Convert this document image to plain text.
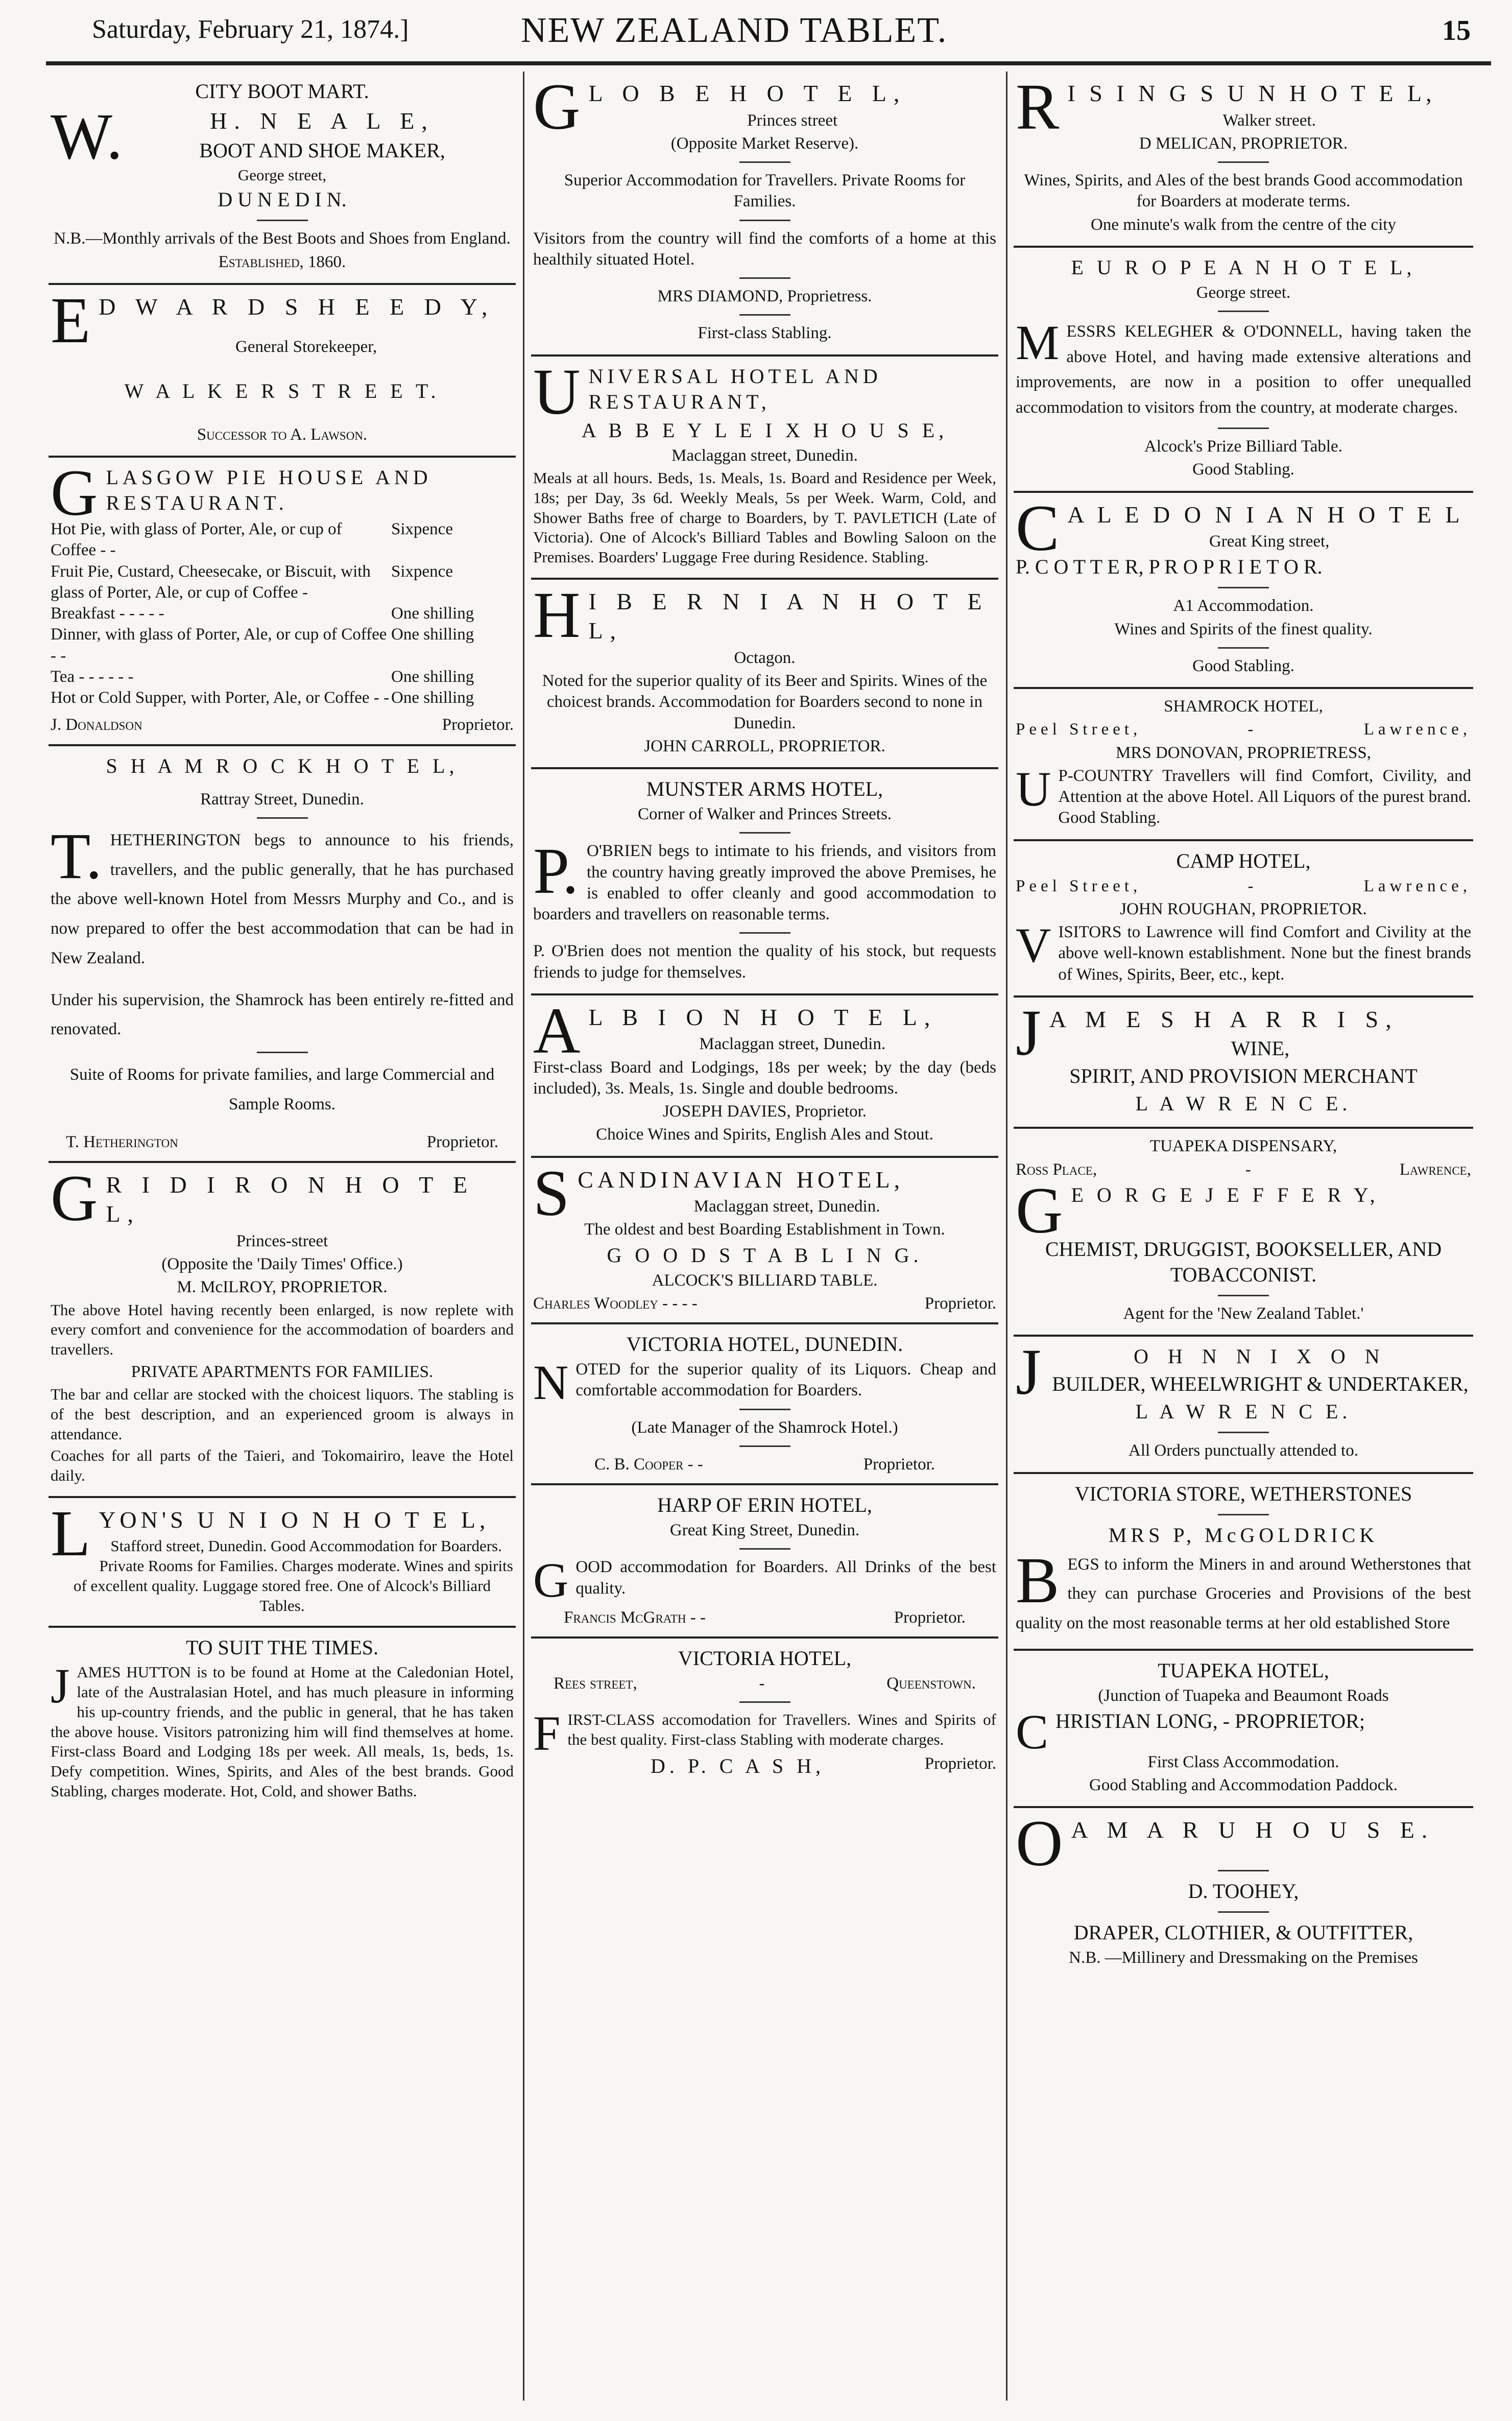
Saturday, February 21, 1874.]	NEW ZEALAND TABLET.	15

CITY BOOT MART.

W.	H. N E A L E,

BOOT AND SHOE MAKER,

George street,

D U N E D I N.

N.B.—Monthly arrivals of the Best Boots and Shoes from England.

Established, 1860.

E D W A R D S H E E D Y,

General Storekeeper,

W A L K E R S T R E E T.

Successor to A. Lawson.

G LASGOW PIE HOUSE AND RESTAURANT.

Hot Pie, with glass of Porter, Ale, or cup of Coffee - -	Sixpence
Fruit Pie, Custard, Cheesecake, or Biscuit, with glass of Porter, Ale, or cup of Coffee -	Sixpence
Breakfast - - - - -	One shilling
Dinner, with glass of Porter, Ale, or cup of Coffee - -	One shilling
Tea - - - - - -	One shilling
Hot or Cold Supper, with Porter, Ale, or Coffee - -	One shilling
J. Donaldson	Proprietor.

S H A M R O C K H O T E L,

Rattray Street, Dunedin.

T. HETHERINGTON begs to announce to his friends, travellers, and the public generally, that he has purchased the above well-known Hotel from Messrs Murphy and Co., and is now prepared to offer the best accommodation that can be had in New Zealand.

Under his supervision, the Shamrock has been entirely re-fitted and renovated.

Suite of Rooms for private families, and large Commercial and Sample Rooms.

T. Hetherington	Proprietor.
G R I D I R O N H O T E L,

Princes-street

(Opposite the 'Daily Times' Office.)

M. McILROY, PROPRIETOR.

The above Hotel having recently been enlarged, is now replete with every comfort and convenience for the accommodation of boarders and travellers.

PRIVATE APARTMENTS FOR FAMILIES.

The bar and cellar are stocked with the choicest liquors. The stabling is of the best description, and an experienced groom is always in attendance.

Coaches for all parts of the Taieri, and Tokomairiro, leave the Hotel daily.

L YON'S U N I O N H O T E L,

Stafford street, Dunedin. Good Accommodation for Boarders. Private Rooms for Families. Charges moderate. Wines and spirits of excellent quality. Luggage stored free. One of Alcock's Billiard Tables.

TO SUIT THE TIMES.

J AMES HUTTON is to be found at Home at the Caledonian Hotel, late of the Australasian Hotel, and has much pleasure in informing his up-country friends, and the public in general, that he has taken the above house. Visitors patronizing him will find themselves at home. First-class Board and Lodging 18s per week. All meals, 1s, beds, 1s. Defy competition. Wines, Spirits, and Ales of the best brands. Good Stabling, charges moderate. Hot, Cold, and shower Baths.

G L O B E H O T E L,

Princes street

(Opposite Market Reserve).

Superior Accommodation for Travellers. Private Rooms for Families.

Visitors from the country will find the comforts of a home at this healthily situated Hotel.

MRS DIAMOND, Proprietress.

First-class Stabling.

U NIVERSAL HOTEL AND RESTAURANT,

A B B E Y L E I X H O U S E,

Maclaggan street, Dunedin.

Meals at all hours. Beds, 1s. Meals, 1s. Board and Residence per Week, 18s; per Day, 3s 6d. Weekly Meals, 5s per Week. Warm, Cold, and Shower Baths free of charge to Boarders, by T. PAVLETICH (Late of Victoria). One of Alcock's Billiard Tables and Bowling Saloon on the Premises. Boarders' Luggage Free during Residence. Stabling.

H I B E R N I A N H O T E L,

Octagon.

Noted for the superior quality of its Beer and Spirits. Wines of the choicest brands. Accommodation for Boarders second to none in Dunedin.

JOHN CARROLL, PROPRIETOR.

MUNSTER ARMS HOTEL,

Corner of Walker and Princes Streets.

P. O'BRIEN begs to intimate to his friends, and visitors from the country having greatly improved the above Premises, he is enabled to offer cleanly and good accommodation to boarders and travellers on reasonable terms.

P. O'Brien does not mention the quality of his stock, but requests friends to judge for themselves.

A L B I O N H O T E L,

Maclaggan street, Dunedin.

First-class Board and Lodgings, 18s per week; by the day (beds included), 3s. Meals, 1s. Single and double bedrooms.

JOSEPH DAVIES, Proprietor.

Choice Wines and Spirits, English Ales and Stout.

S CANDINAVIAN HOTEL,

Maclaggan street, Dunedin.

The oldest and best Boarding Establishment in Town.

G O O D S T A B L I N G.

ALCOCK'S BILLIARD TABLE.

Charles Woodley - - - -	Proprietor.

VICTORIA HOTEL, DUNEDIN.

N OTED for the superior quality of its Liquors. Cheap and comfortable accommodation for Boarders.

(Late Manager of the Shamrock Hotel.)

C. B. Cooper - -	Proprietor.

HARP OF ERIN HOTEL,

Great King Street, Dunedin.

G OOD accommodation for Boarders. All Drinks of the best quality.

Francis McGrath - -	Proprietor.

VICTORIA HOTEL,

Rees street,	-	Queenstown.
F IRST-CLASS accomodation for Travellers. Wines and Spirits of the best quality. First-class Stabling with moderate charges.

D. P. C A S H,	Proprietor.
R I S I N G S U N H O T E L,

Walker street.

D MELICAN, PROPRIETOR.

Wines, Spirits, and Ales of the best brands Good accommodation for Boarders at moderate terms.

One minute's walk from the centre of the city

E U R O P E A N H O T E L,

George street.

M ESSRS KELEGHER & O'DONNELL, having taken the above Hotel, and having made extensive alterations and improvements, are now in a position to offer unequalled accommodation to visitors from the country, at moderate charges.

Alcock's Prize Billiard Table.

Good Stabling.

C A L E D O N I A N H O T E L

Great King street,

P. C O T T E R, P R O P R I E T O R.

A1 Accommodation.

Wines and Spirits of the finest quality.

Good Stabling.

SHAMROCK HOTEL,

Peel Street,	-	Lawrence,

MRS DONOVAN, PROPRIETRESS,

U P-COUNTRY Travellers will find Comfort, Civility, and Attention at the above Hotel. All Liquors of the purest brand. Good Stabling.

CAMP HOTEL,

Peel Street,	-	Lawrence,

JOHN ROUGHAN, PROPRIETOR.

V ISITORS to Lawrence will find Comfort and Civility at the above well-known establishment. None but the finest brands of Wines, Spirits, Beer, etc., kept.

J A M E S H A R R I S,

WINE,

SPIRIT, AND PROVISION MERCHANT

L A W R E N C E.

TUAPEKA DISPENSARY,

Ross Place,	-	Lawrence,
G E O R G E J E F F E R Y,

CHEMIST, DRUGGIST, BOOKSELLER, AND TOBACCONIST.

Agent for the 'New Zealand Tablet.'

J	O H N N I X O N

BUILDER, WHEELWRIGHT & UNDERTAKER,

L A W R E N C E.

All Orders punctually attended to.

VICTORIA STORE, WETHERSTONES

MRS P, McGOLDRICK

B EGS to inform the Miners in and around Wetherstones that they can purchase Groceries and Provisions of the best quality on the most reasonable terms at her old established Store

TUAPEKA HOTEL,

(Junction of Tuapeka and Beaumont Roads

C HRISTIAN LONG, - PROPRIETOR;

First Class Accommodation.

Good Stabling and Accommodation Paddock.

O A M A R U H O U S E.

D. TOOHEY,

DRAPER, CLOTHIER, & OUTFITTER,

N.B. —Millinery and Dressmaking on the Premises
